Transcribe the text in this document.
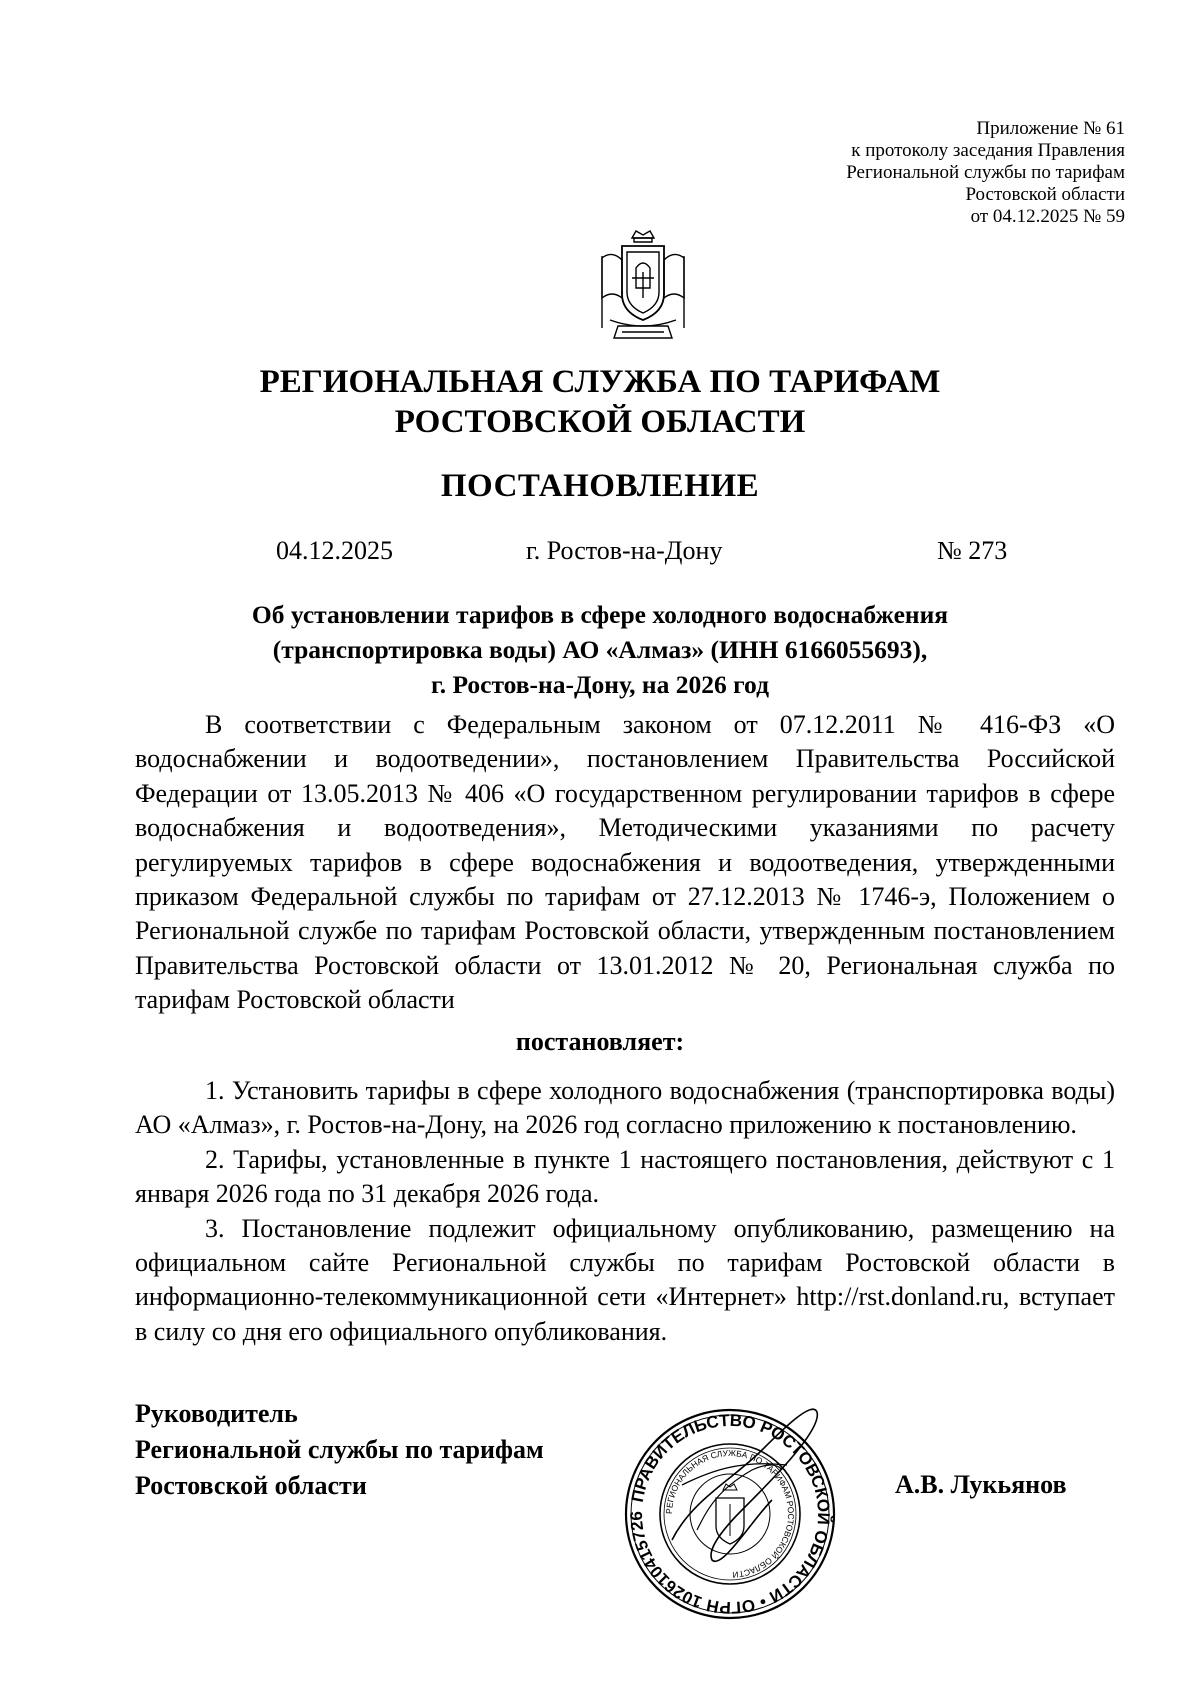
Приложение № 61
к протоколу заседания Правления
Региональной службы по тарифам
Ростовской области
от 04.12.2025 № 59
РЕГИОНАЛЬНАЯ СЛУЖБА ПО ТАРИФАМ
РОСТОВСКОЙ ОБЛАСТИ
ПОСТАНОВЛЕНИЕ
04.12.2025	г. Ростов-на-Дону	№ 273
Об установлении тарифов в сфере холодного водоснабжения
(транспортировка воды) АО «Алмаз» (ИНН 6166055693),
г. Ростов-на-Дону, на 2026 год

В соответствии с Федеральным законом от 07.12.2011 № 416-ФЗ «О водоснабжении и водоотведении», постановлением Правительства Российской Федерации от 13.05.2013 № 406 «О государственном регулировании тарифов в сфере водоснабжения и водоотведения», Методическими указаниями по расчету регулируемых тарифов в сфере водоснабжения и водоотведения, утвержденными приказом Федеральной службы по тарифам от 27.12.2013 № 1746-э, Положением о Региональной службе по тарифам Ростовской области, утвержденным постановлением Правительства Ростовской области от 13.01.2012 № 20, Региональная служба по тарифам Ростовской области

постановляет:

1. Установить тарифы в сфере холодного водоснабжения (транспортировка воды) АО «Алмаз», г. Ростов-на-Дону, на 2026 год согласно приложению к постановлению.

2. Тарифы, установленные в пункте 1 настоящего постановления, действуют с 1 января 2026 года по 31 декабря 2026 года.

3. Постановление подлежит официальному опубликованию, размещению на официальном сайте Региональной службы по тарифам Ростовской области в информационно-телекоммуникационной сети «Интернет» http://rst.donland.ru, вступает в силу со дня его официального опубликования.

Руководитель
Региональной службы по тарифам
Ростовской области	А.В. Лукьянов
ПРАВИТЕЛЬСТВО РОСТОВСКОЙ ОБЛАСТИ • ОГРН 102610415726	РЕГИОНАЛЬНАЯ СЛУЖБА ПО ТАРИФАМ РОСТОВСКОЙ ОБЛАСТИ
